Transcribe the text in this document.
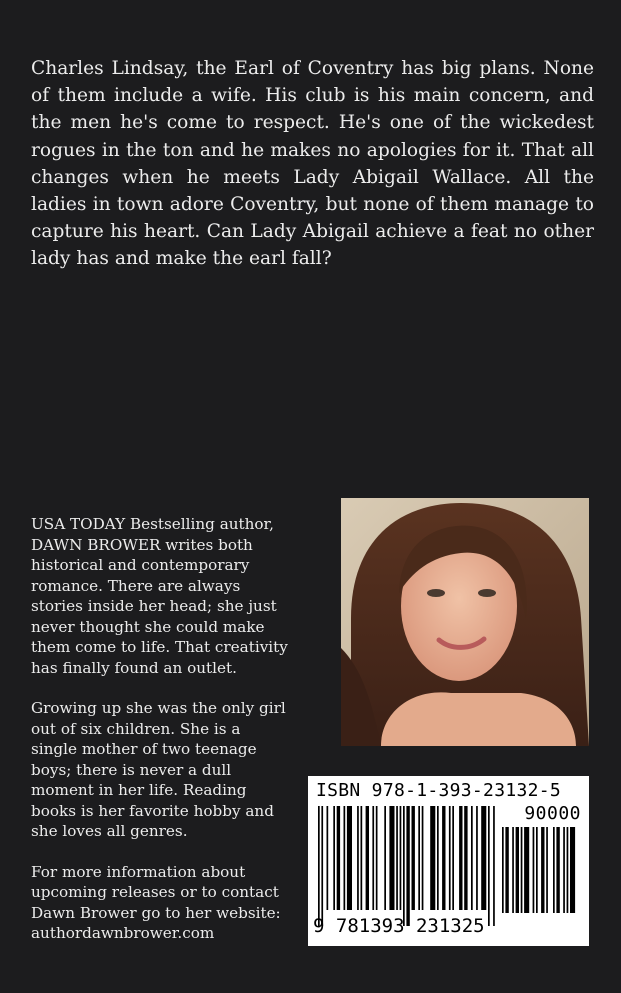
Charles Lindsay, the Earl of Coventry has big plans. None of them include a wife. His club is his main concern, and the men he's come to respect. He's one of the wickedest rogues in the ton and he makes no apologies for it. That all changes when he meets Lady Abigail Wallace. All the ladies in town adore Coventry, but none of them manage to capture his heart. Can Lady Abigail achieve a feat no other lady has and make the earl fall?

USA TODAY Bestselling author, DAWN BROWER writes both historical and contemporary romance. There are always stories inside her head; she just never thought she could make them come to life. That creativity has finally found an outlet.

Growing up she was the only girl out of six children. She is a single mother of two teenage boys; there is never a dull moment in her life. Reading books is her favorite hobby and she loves all genres.

For more information about upcoming releases or to contact Dawn Brower go to her website: authordawnbrower.com

ISBN 978-1-393-23132-5
90000
9 781393 231325
